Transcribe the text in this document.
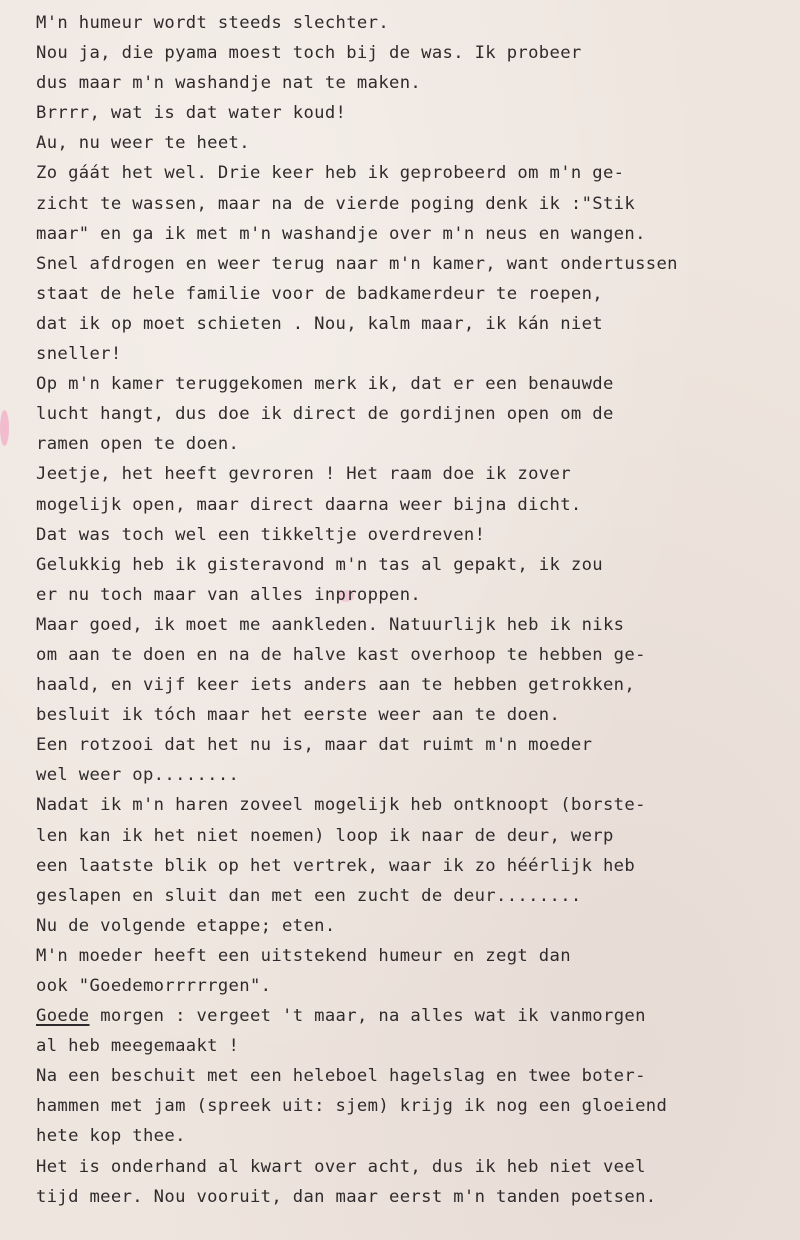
M'n humeur wordt steeds slechter.
Nou ja, die pyama moest toch bij de was. Ik probeer
dus maar m'n washandje nat te maken.
Brrrr, wat is dat water koud!
Au, nu weer te heet.
Zo gáát het wel. Drie keer heb ik geprobeerd om m'n ge-
zicht te wassen, maar na de vierde poging denk ik :"Stik
maar" en ga ik met m'n washandje over m'n neus en wangen.
Snel afdrogen en weer terug naar m'n kamer, want ondertussen
staat de hele familie voor de badkamerdeur te roepen,
dat ik op moet schieten . Nou, kalm maar, ik kán niet
sneller!
Op m'n kamer teruggekomen merk ik, dat er een benauwde
lucht hangt, dus doe ik direct de gordijnen open om de
ramen open te doen.
Jeetje, het heeft gevroren ! Het raam doe ik zover
mogelijk open, maar direct daarna weer bijna dicht.
Dat was toch wel een tikkeltje overdreven!
Gelukkig heb ik gisteravond m'n tas al gepakt, ik zou
er nu toch maar van alles inproppen.
Maar goed, ik moet me aankleden. Natuurlijk heb ik niks
om aan te doen en na de halve kast overhoop te hebben ge-
haald, en vijf keer iets anders aan te hebben getrokken,
besluit ik tóch maar het eerste weer aan te doen.
Een rotzooi dat het nu is, maar dat ruimt m'n moeder
wel weer op........
Nadat ik m'n haren zoveel mogelijk heb ontknoopt (borste-
len kan ik het niet noemen) loop ik naar de deur, werp
een laatste blik op het vertrek, waar ik zo héérlijk heb
geslapen en sluit dan met een zucht de deur........
Nu de volgende etappe; eten.
M'n moeder heeft een uitstekend humeur en zegt dan
ook "Goedemorrrrrgen".
Goede morgen : vergeet 't maar, na alles wat ik vanmorgen
al heb meegemaakt !
Na een beschuit met een heleboel hagelslag en twee boter-
hammen met jam (spreek uit: sjem) krijg ik nog een gloeiend
hete kop thee.
Het is onderhand al kwart over acht, dus ik heb niet veel
tijd meer. Nou vooruit, dan maar eerst m'n tanden poetsen.
